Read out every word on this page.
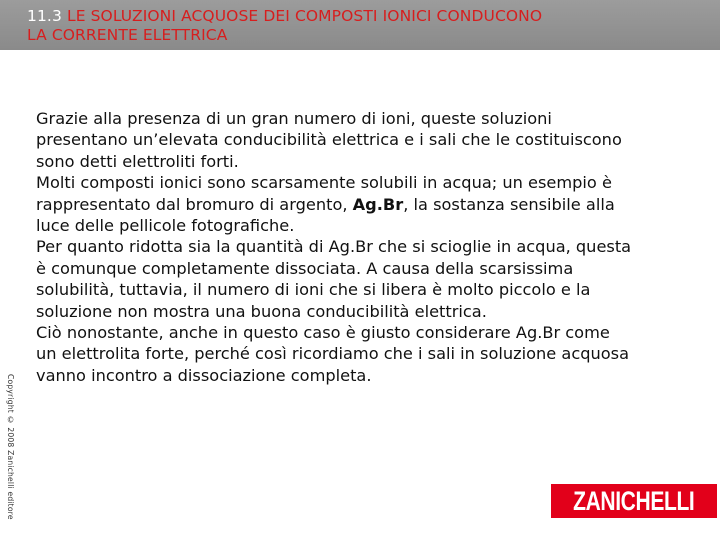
11.3 LE SOLUZIONI ACQUOSE DEI COMPOSTI IONICI CONDUCONO
LA CORRENTE ELETTRICA

Grazie alla presenza di un gran numero di ioni, queste soluzioni

presentano un’elevata conducibilità elettrica e i sali che le costituiscono

sono detti elettroliti forti.

Molti composti ionici sono scarsamente solubili in acqua; un esempio è

rappresentato dal bromuro di argento, Ag.Br, la sostanza sensibile alla

luce delle pellicole fotografiche.

Per quanto ridotta sia la quantità di Ag.Br che si scioglie in acqua, questa

è comunque completamente dissociata. A causa della scarsissima

solubilità, tuttavia, il numero di ioni che si libera è molto piccolo e la

soluzione non mostra una buona conducibilità elettrica.

Ciò nonostante, anche in questo caso è giusto considerare Ag.Br come

un elettrolita forte, perché così ricordiamo che i sali in soluzione acquosa

vanno incontro a dissociazione completa.

Copyright © 2008 Zanichelli editore	ZANICHELLI
